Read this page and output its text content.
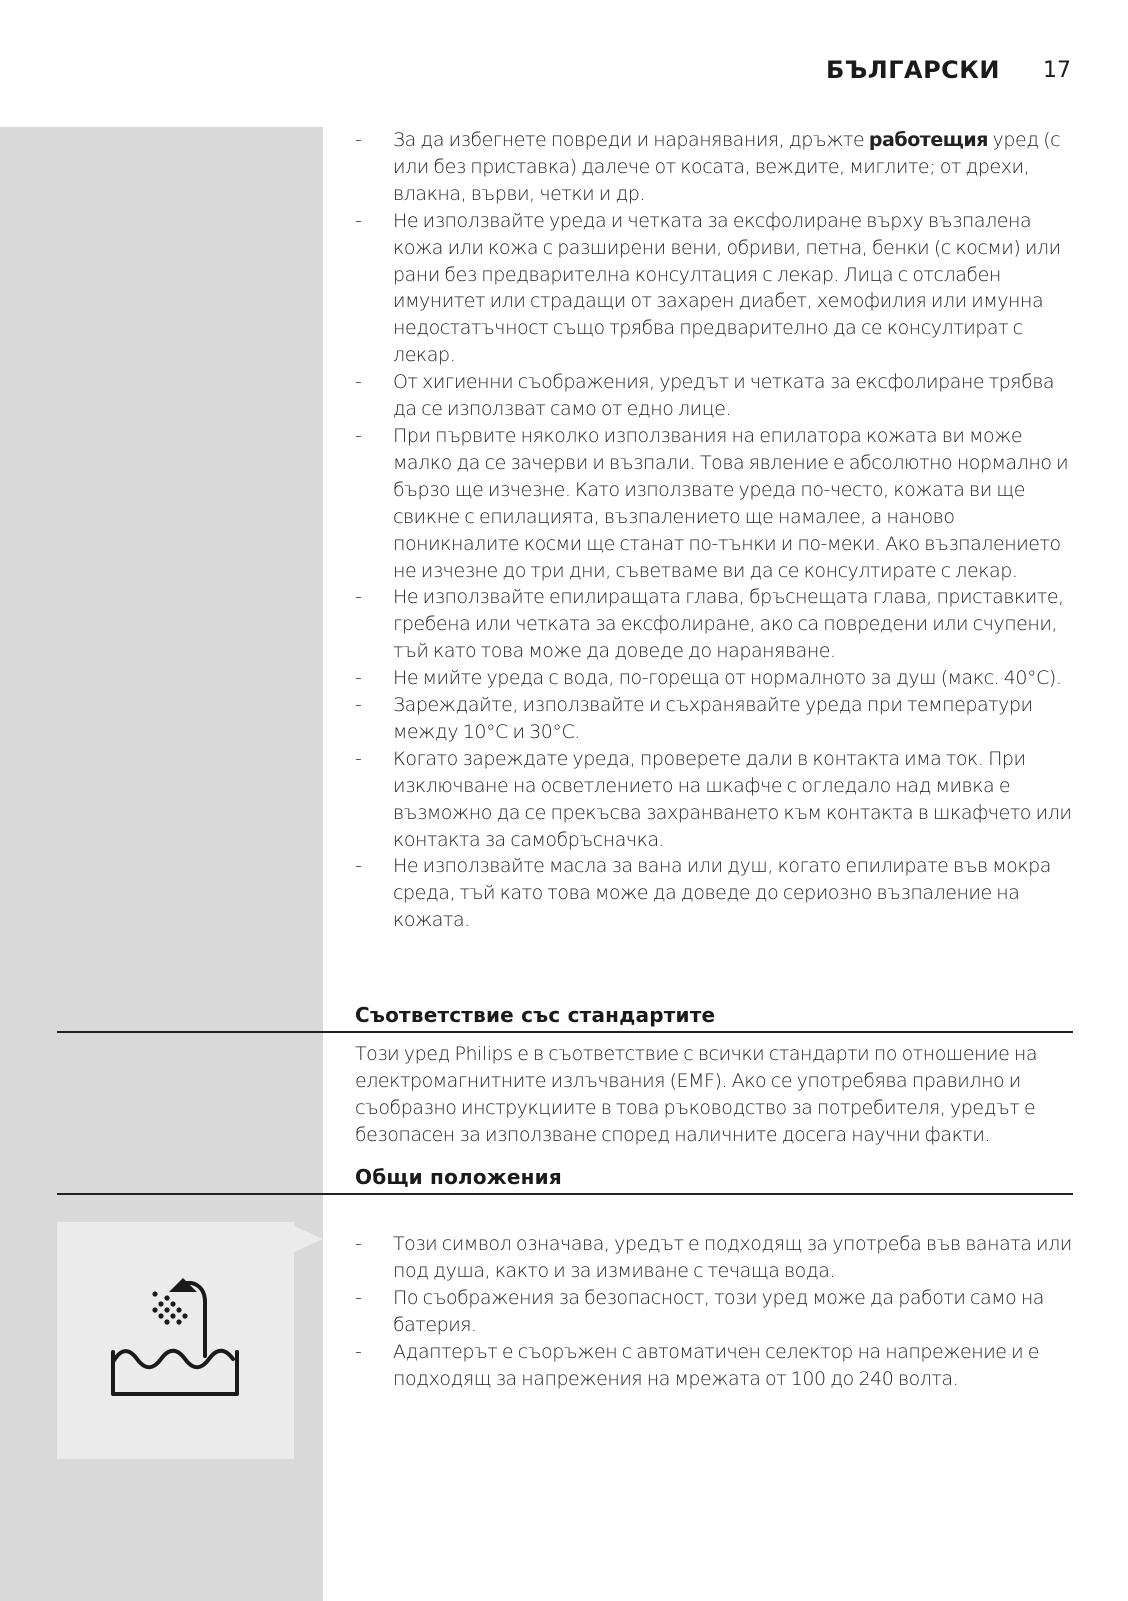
БЪЛГАРСКИ 17
- За да избегнете повреди и наранявания, дръжте работещия уред (с или без приставка) далече от косата, веждите, миглите; от дрехи, влакна, върви, четки и др.
- Не използвайте уреда и четката за ексфолиране върху възпалена кожа или кожа с разширени вени, обриви, петна, бенки (с косми) или рани без предварителна консултация с лекар. Лица с отслабен имунитет или страдащи от захарен диабет, хемофилия или имунна недостатъчност също трябва предварително да се консултират с лекар.
- От хигиенни съображения, уредът и четката за ексфолиране трябва да се използват само от едно лице.
- При първите няколко използвания на епилатора кожата ви може малко да се зачерви и възпали. Това явление е абсолютно нормално и бързо ще изчезне. Като използвате уреда по-често, кожата ви ще свикне с епилацията, възпалението ще намалее, а наново поникналите косми ще станат по-тънки и по-меки. Ако възпалението не изчезне до три дни, съветваме ви да се консултирате с лекар.
- Не използвайте епилиращата глава, бръснещата глава, приставките, гребена или четката за ексфолиране, ако са повредени или счупени, тъй като това може да доведе до нараняване.
- Не мийте уреда с вода, по-гореща от нормалното за душ (макс. 40°C).
- Зареждайте, използвайте и съхранявайте уреда при температури между 10°C и 30°C.
- Когато зареждате уреда, проверете дали в контакта има ток. При изключване на осветлението на шкафче с огледало над мивка е възможно да се прекъсва захранването към контакта в шкафчето или контакта за самобръсначка.
- Не използвайте масла за вана или душ, когато епилирате във мокра среда, тъй като това може да доведе до сериозно възпаление на кожата.
Съответствие със стандартите
Този уред Philips е в съответствие с всички стандарти по отношение на електромагнитните излъчвания (EMF). Ако се употребява правилно и съобразно инструкциите в това ръководство за потребителя, уредът е безопасен за използване според наличните досега научни факти.
Общи положения
- Този символ означава, уредът е подходящ за употреба във ваната или под душа, както и за измиване с течаща вода.
- По съображения за безопасност, този уред може да работи само на батерия.
- Адаптерът е съоръжен с автоматичен селектор на напрежение и е подходящ за напрежения на мрежата от 100 до 240 волта.
